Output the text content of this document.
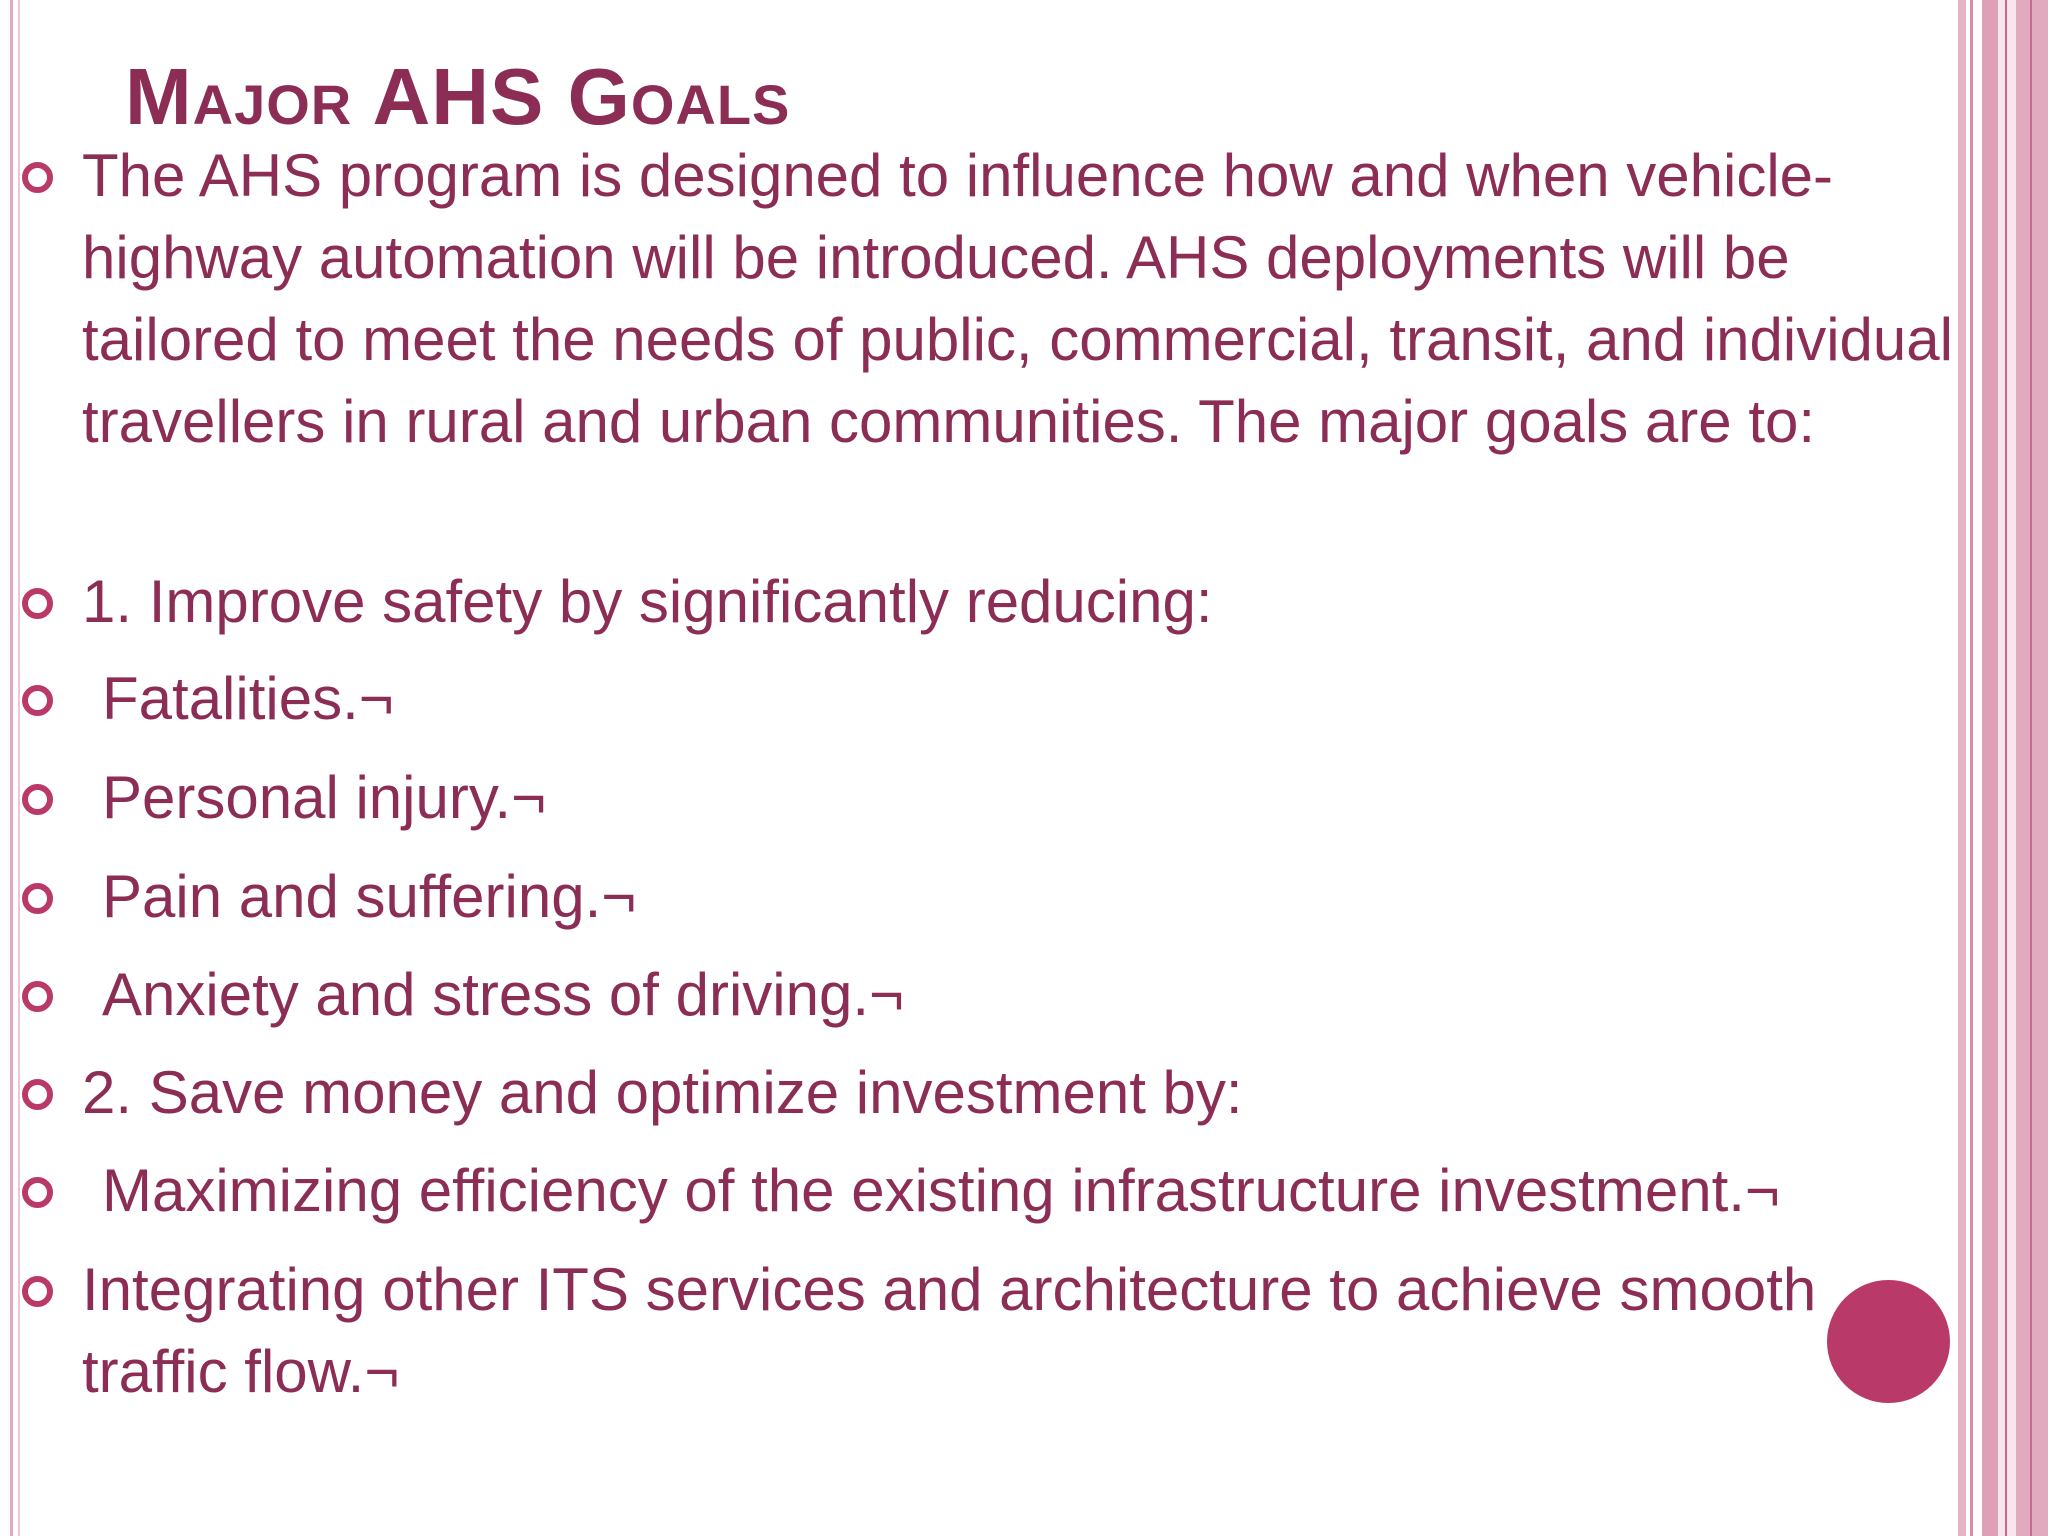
Major AHS Goals
The AHS program is designed to influence how and when vehicle-highway automation will be introduced. AHS deployments will be tailored to meet the needs of public, commercial, transit, and individual travellers in rural and urban communities. The major goals are to:
1. Improve safety by significantly reducing:
Fatalities.¬
Personal injury.¬
Pain and suffering.¬
Anxiety and stress of driving.¬
2. Save money and optimize investment by:
Maximizing efficiency of the existing infrastructure investment.¬
Integrating other ITS services and architecture to achieve smooth traffic flow.¬
